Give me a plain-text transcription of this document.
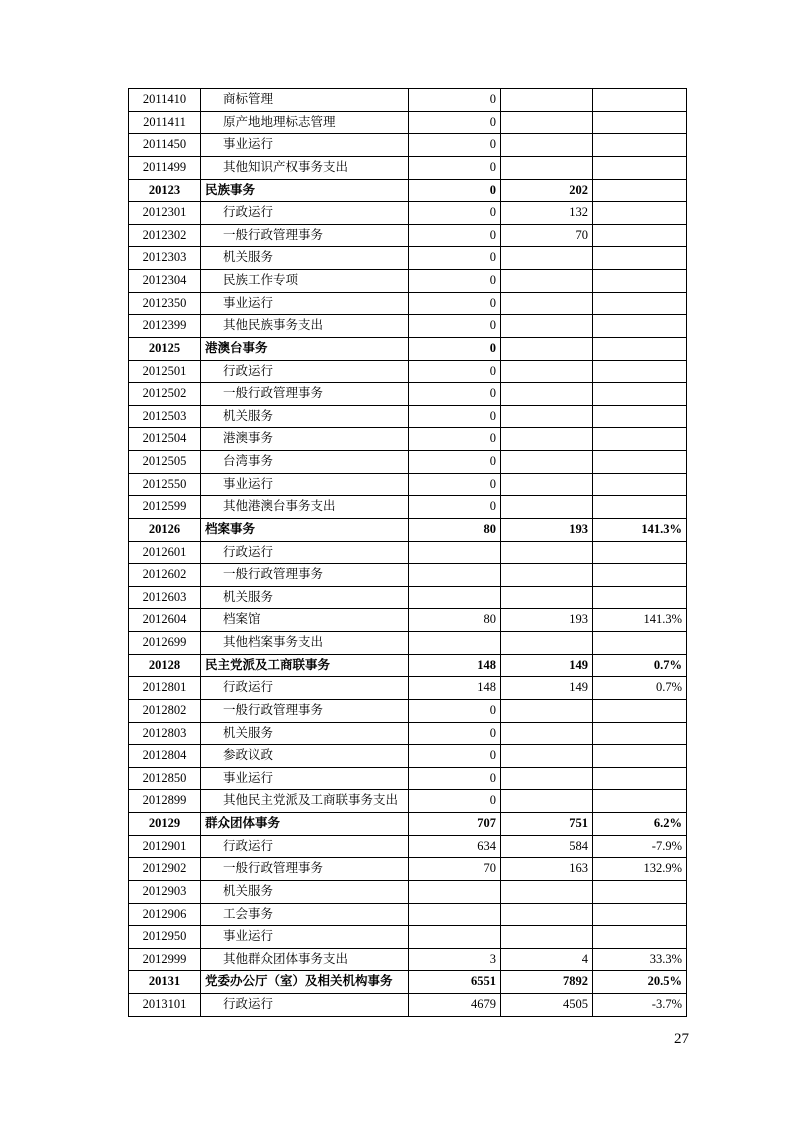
2011410	商标管理	0		
2011411	原产地地理标志管理	0		
2011450	事业运行	0		
2011499	其他知识产权事务支出	0		
20123	民族事务	0	202	
2012301	行政运行	0	132	
2012302	一般行政管理事务	0	70	
2012303	机关服务	0		
2012304	民族工作专项	0		
2012350	事业运行	0		
2012399	其他民族事务支出	0		
20125	港澳台事务	0		
2012501	行政运行	0		
2012502	一般行政管理事务	0		
2012503	机关服务	0		
2012504	港澳事务	0		
2012505	台湾事务	0		
2012550	事业运行	0		
2012599	其他港澳台事务支出	0		
20126	档案事务	80	193	141.3%
2012601	行政运行			
2012602	一般行政管理事务			
2012603	机关服务			
2012604	档案馆	80	193	141.3%
2012699	其他档案事务支出			
20128	民主党派及工商联事务	148	149	0.7%
2012801	行政运行	148	149	0.7%
2012802	一般行政管理事务	0		
2012803	机关服务	0		
2012804	参政议政	0		
2012850	事业运行	0		
2012899	其他民主党派及工商联事务支出	0		
20129	群众团体事务	707	751	6.2%
2012901	行政运行	634	584	-7.9%
2012902	一般行政管理事务	70	163	132.9%
2012903	机关服务			
2012906	工会事务			
2012950	事业运行			
2012999	其他群众团体事务支出	3	4	33.3%
20131	党委办公厅（室）及相关机构事务	6551	7892	20.5%
2013101	行政运行	4679	4505	-3.7%
27
